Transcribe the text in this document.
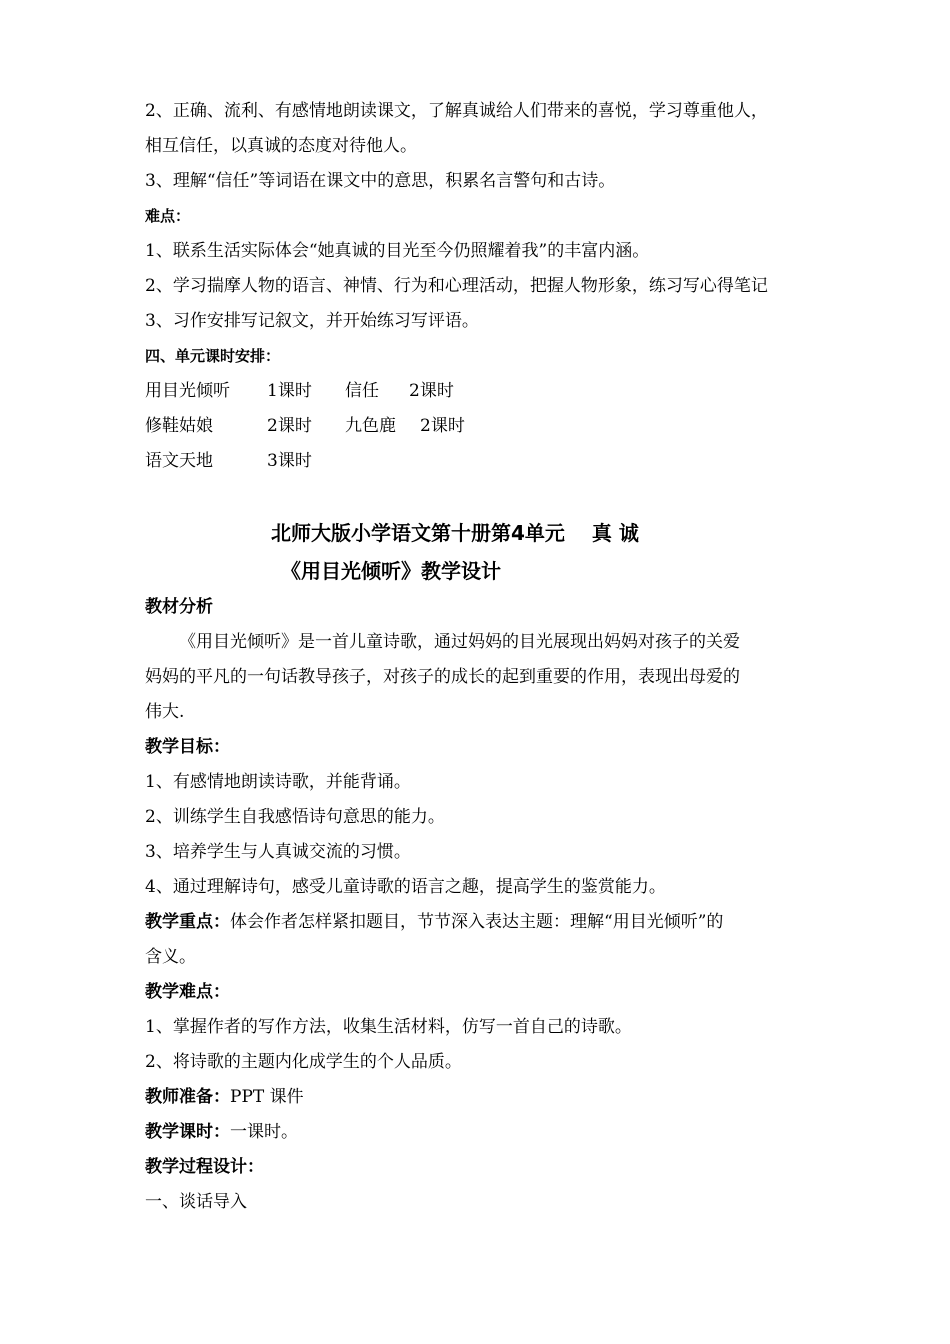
2、正确、流利、有感情地朗读课文，了解真诚给人们带来的喜悦，学习尊重他人，
相互信任，以真诚的态度对待他人。
3、理解“信任”等词语在课文中的意思，积累名言警句和古诗。
难点：
1、联系生活实际体会“她真诚的目光至今仍照耀着我”的丰富内涵。
2、学习揣摩人物的语言、神情、行为和心理活动，把握人物形象，练习写心得笔记
3、习作安排写记叙文，并开始练习写评语。
四、单元课时安排：
用目光倾听	1课时	信任	2课时
修鞋姑娘	2课时	九色鹿	2课时
语文天地	3课时
北师大版小学语文第十册第4单元　 真 诚
《用目光倾听》教学设计
教材分析
《用目光倾听》是一首儿童诗歌，通过妈妈的目光展现出妈妈对孩子的关爱
妈妈的平凡的一句话教导孩子，对孩子的成长的起到重要的作用，表现出母爱的
伟大.
教学目标：
1、有感情地朗读诗歌，并能背诵。
2、训练学生自我感悟诗句意思的能力。
3、培养学生与人真诚交流的习惯。
4、通过理解诗句，感受儿童诗歌的语言之趣，提高学生的鉴赏能力。
教学重点：体会作者怎样紧扣题目，节节深入表达主题：理解“用目光倾听”的
含义。
教学难点：
1、掌握作者的写作方法，收集生活材料，仿写一首自己的诗歌。
2、将诗歌的主题内化成学生的个人品质。
教师准备：PPT 课件
教学课时：一课时。
教学过程设计：
一、谈话导入
